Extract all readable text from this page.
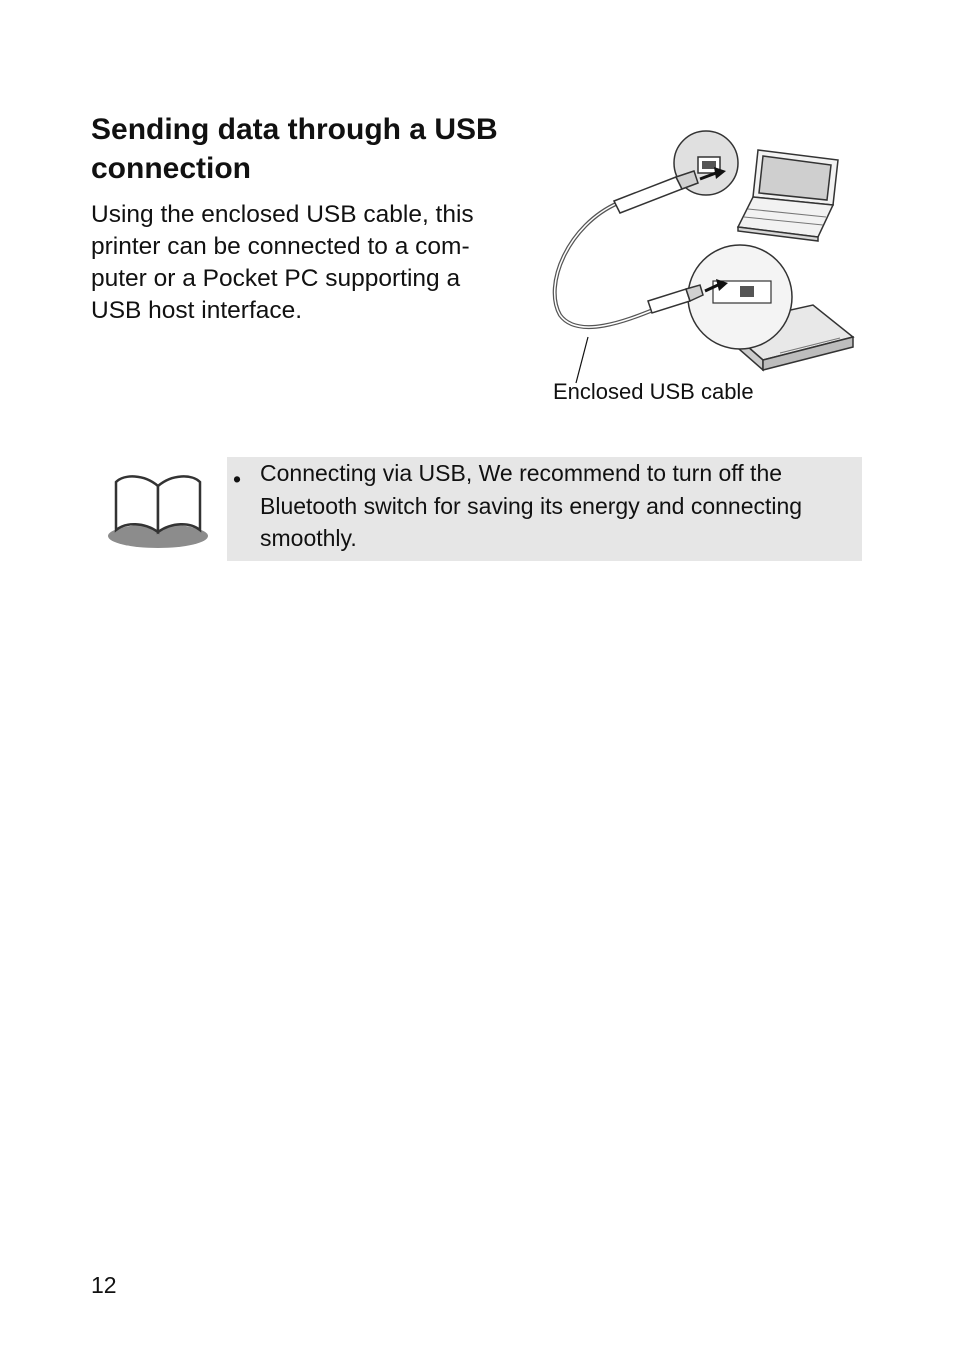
Sending data through a USB
connection
Using the enclosed USB cable, this
printer can be connected to a com-
puter or a Pocket PC supporting a
USB host interface.
Enclosed USB cable
• Connecting via USB, We recommend to turn off the
Bluetooth switch for saving its energy and connecting
smoothly.
12
